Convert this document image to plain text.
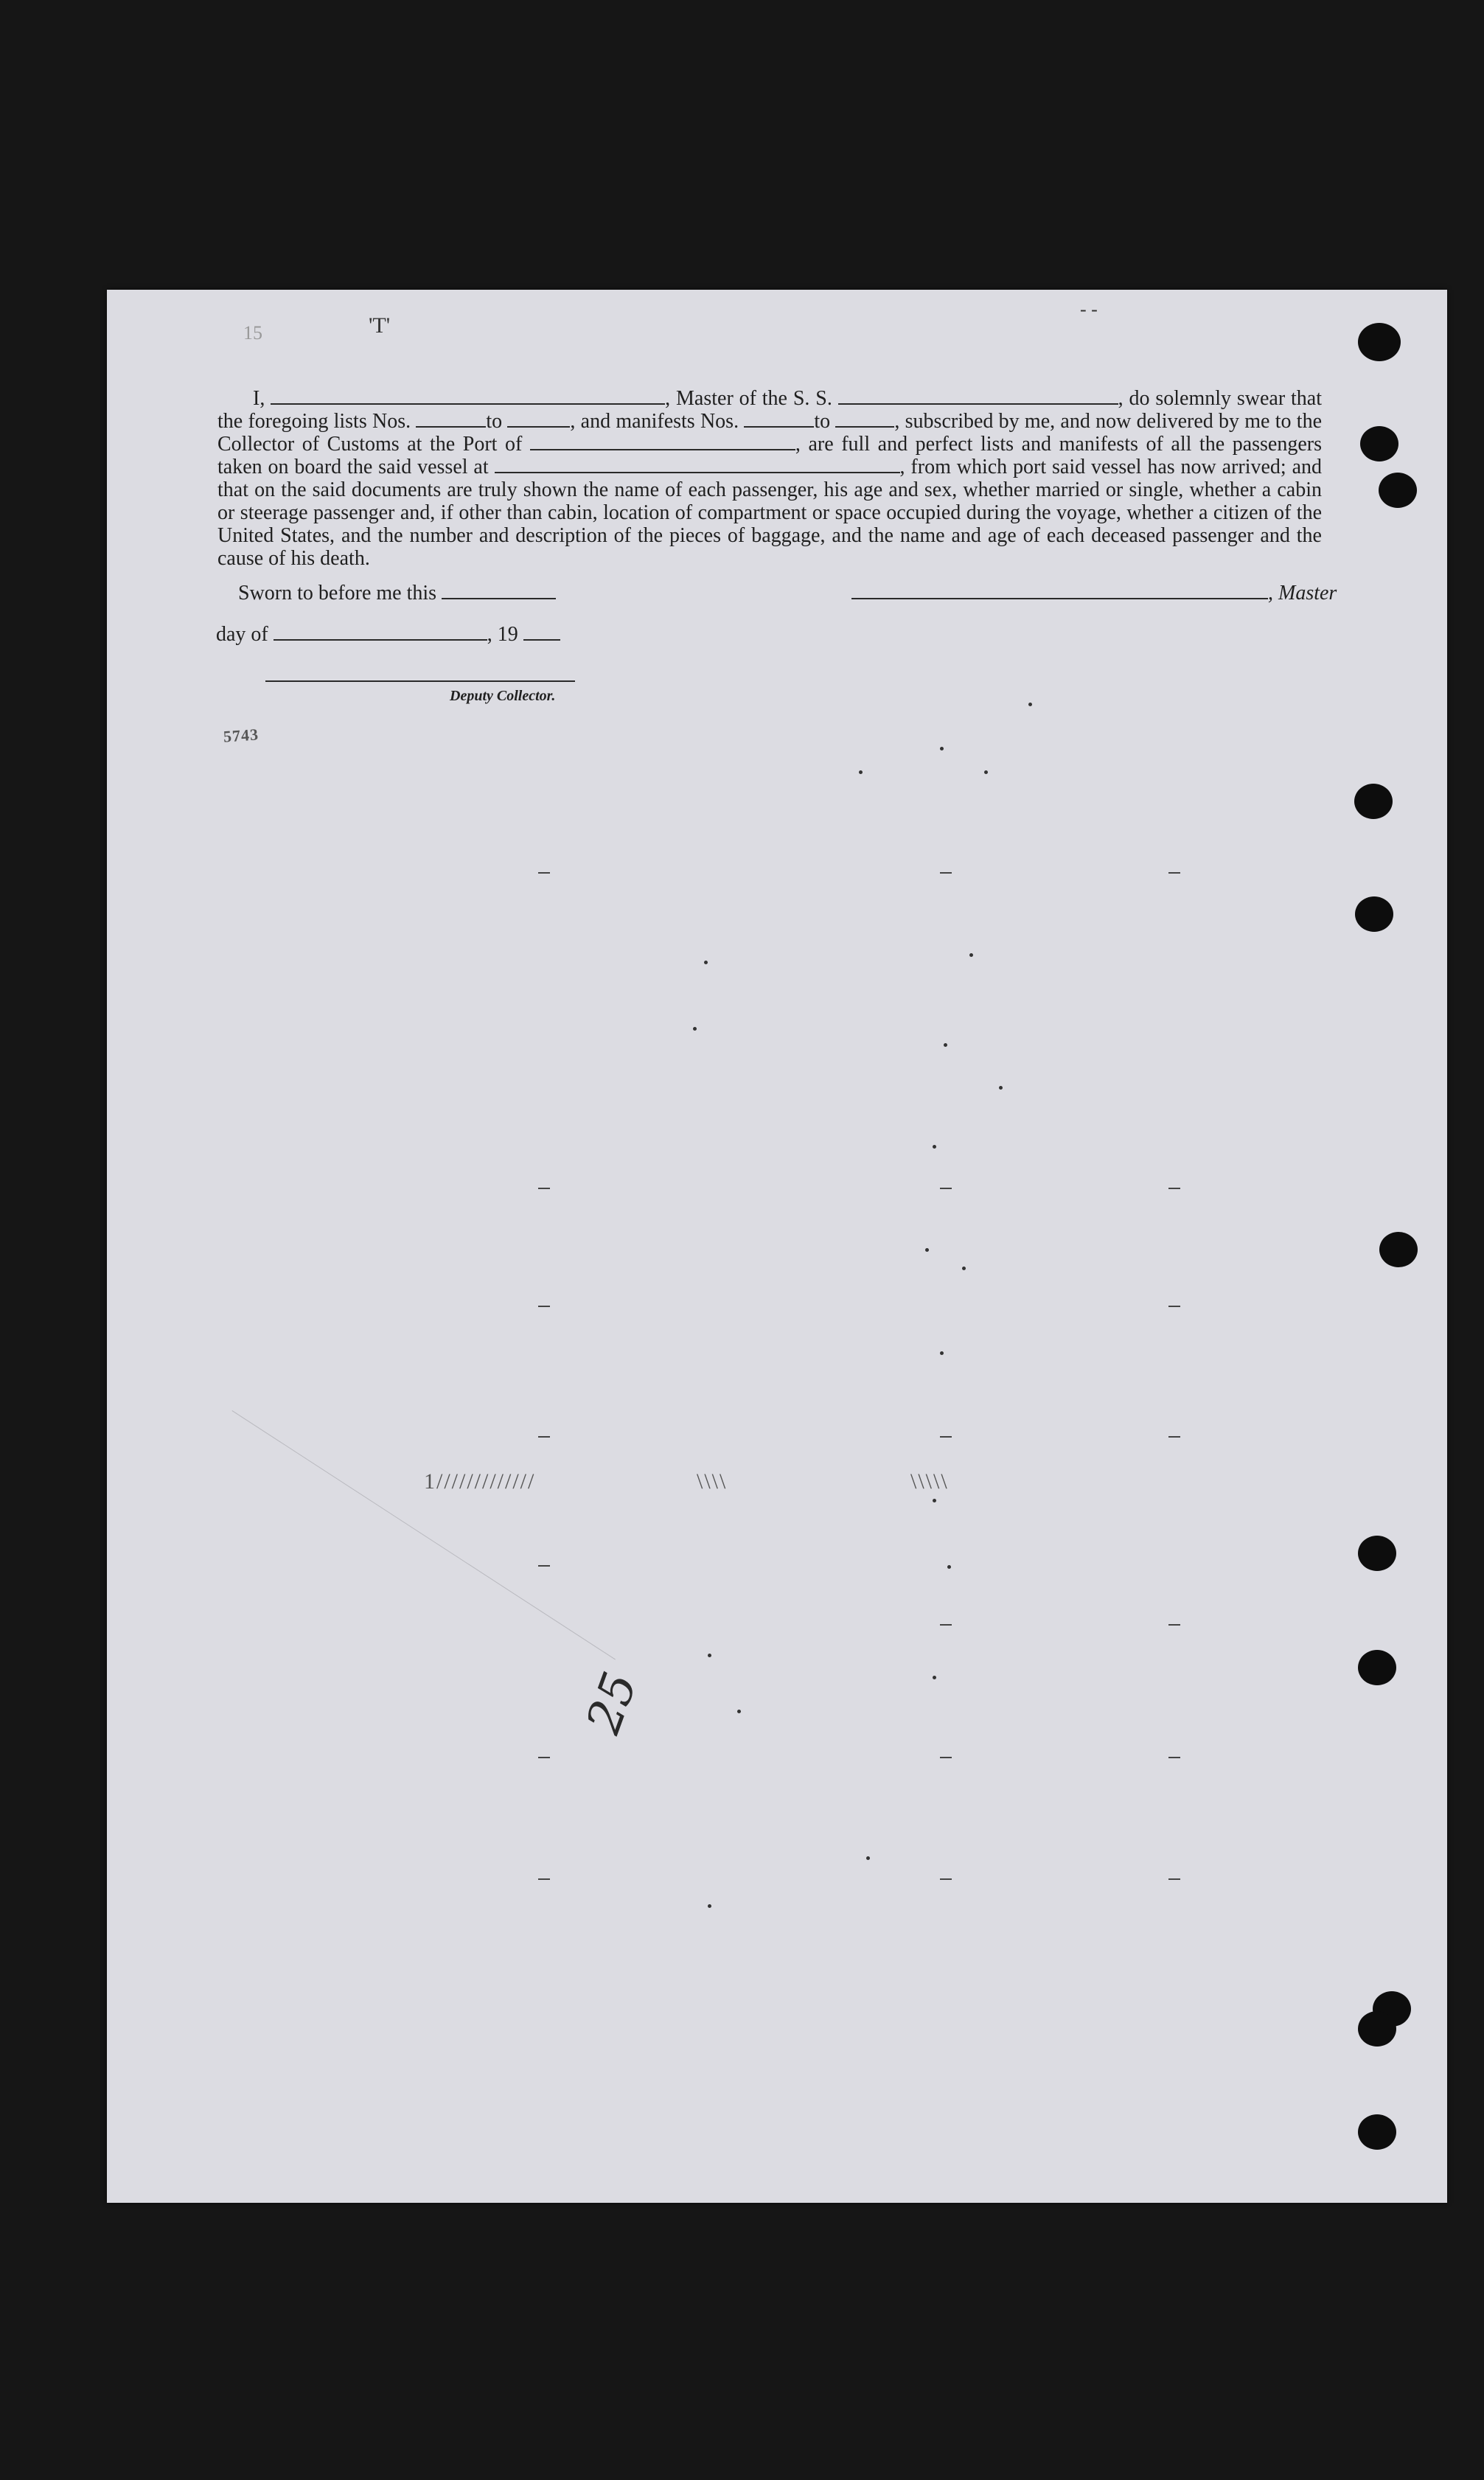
15	'T'
- -

I,	, Master of the S. S.	, do solemnly swear that the foregoing lists Nos.	to	, and manifests Nos.	to	, subscribed by me, and now delivered by me to the Collector of Customs at the Port of	, are full and perfect lists and manifests of all the passengers taken on board the said vessel at	, from which port said vessel has now arrived; and that on the said documents are truly shown the name of each passenger, his age and sex, whether married or single, whether a cabin or steerage passenger and, if other than cabin, location of compartment or space occupied during the voyage, whether a citizen of the United States, and the number and description of the pieces of baggage, and the name and age of each deceased passenger and the cause of his death.

Sworn to before me this
day of	, 19
, Master
Deputy Collector.
5743
1/////////////	\\\\	\\\\\
25
